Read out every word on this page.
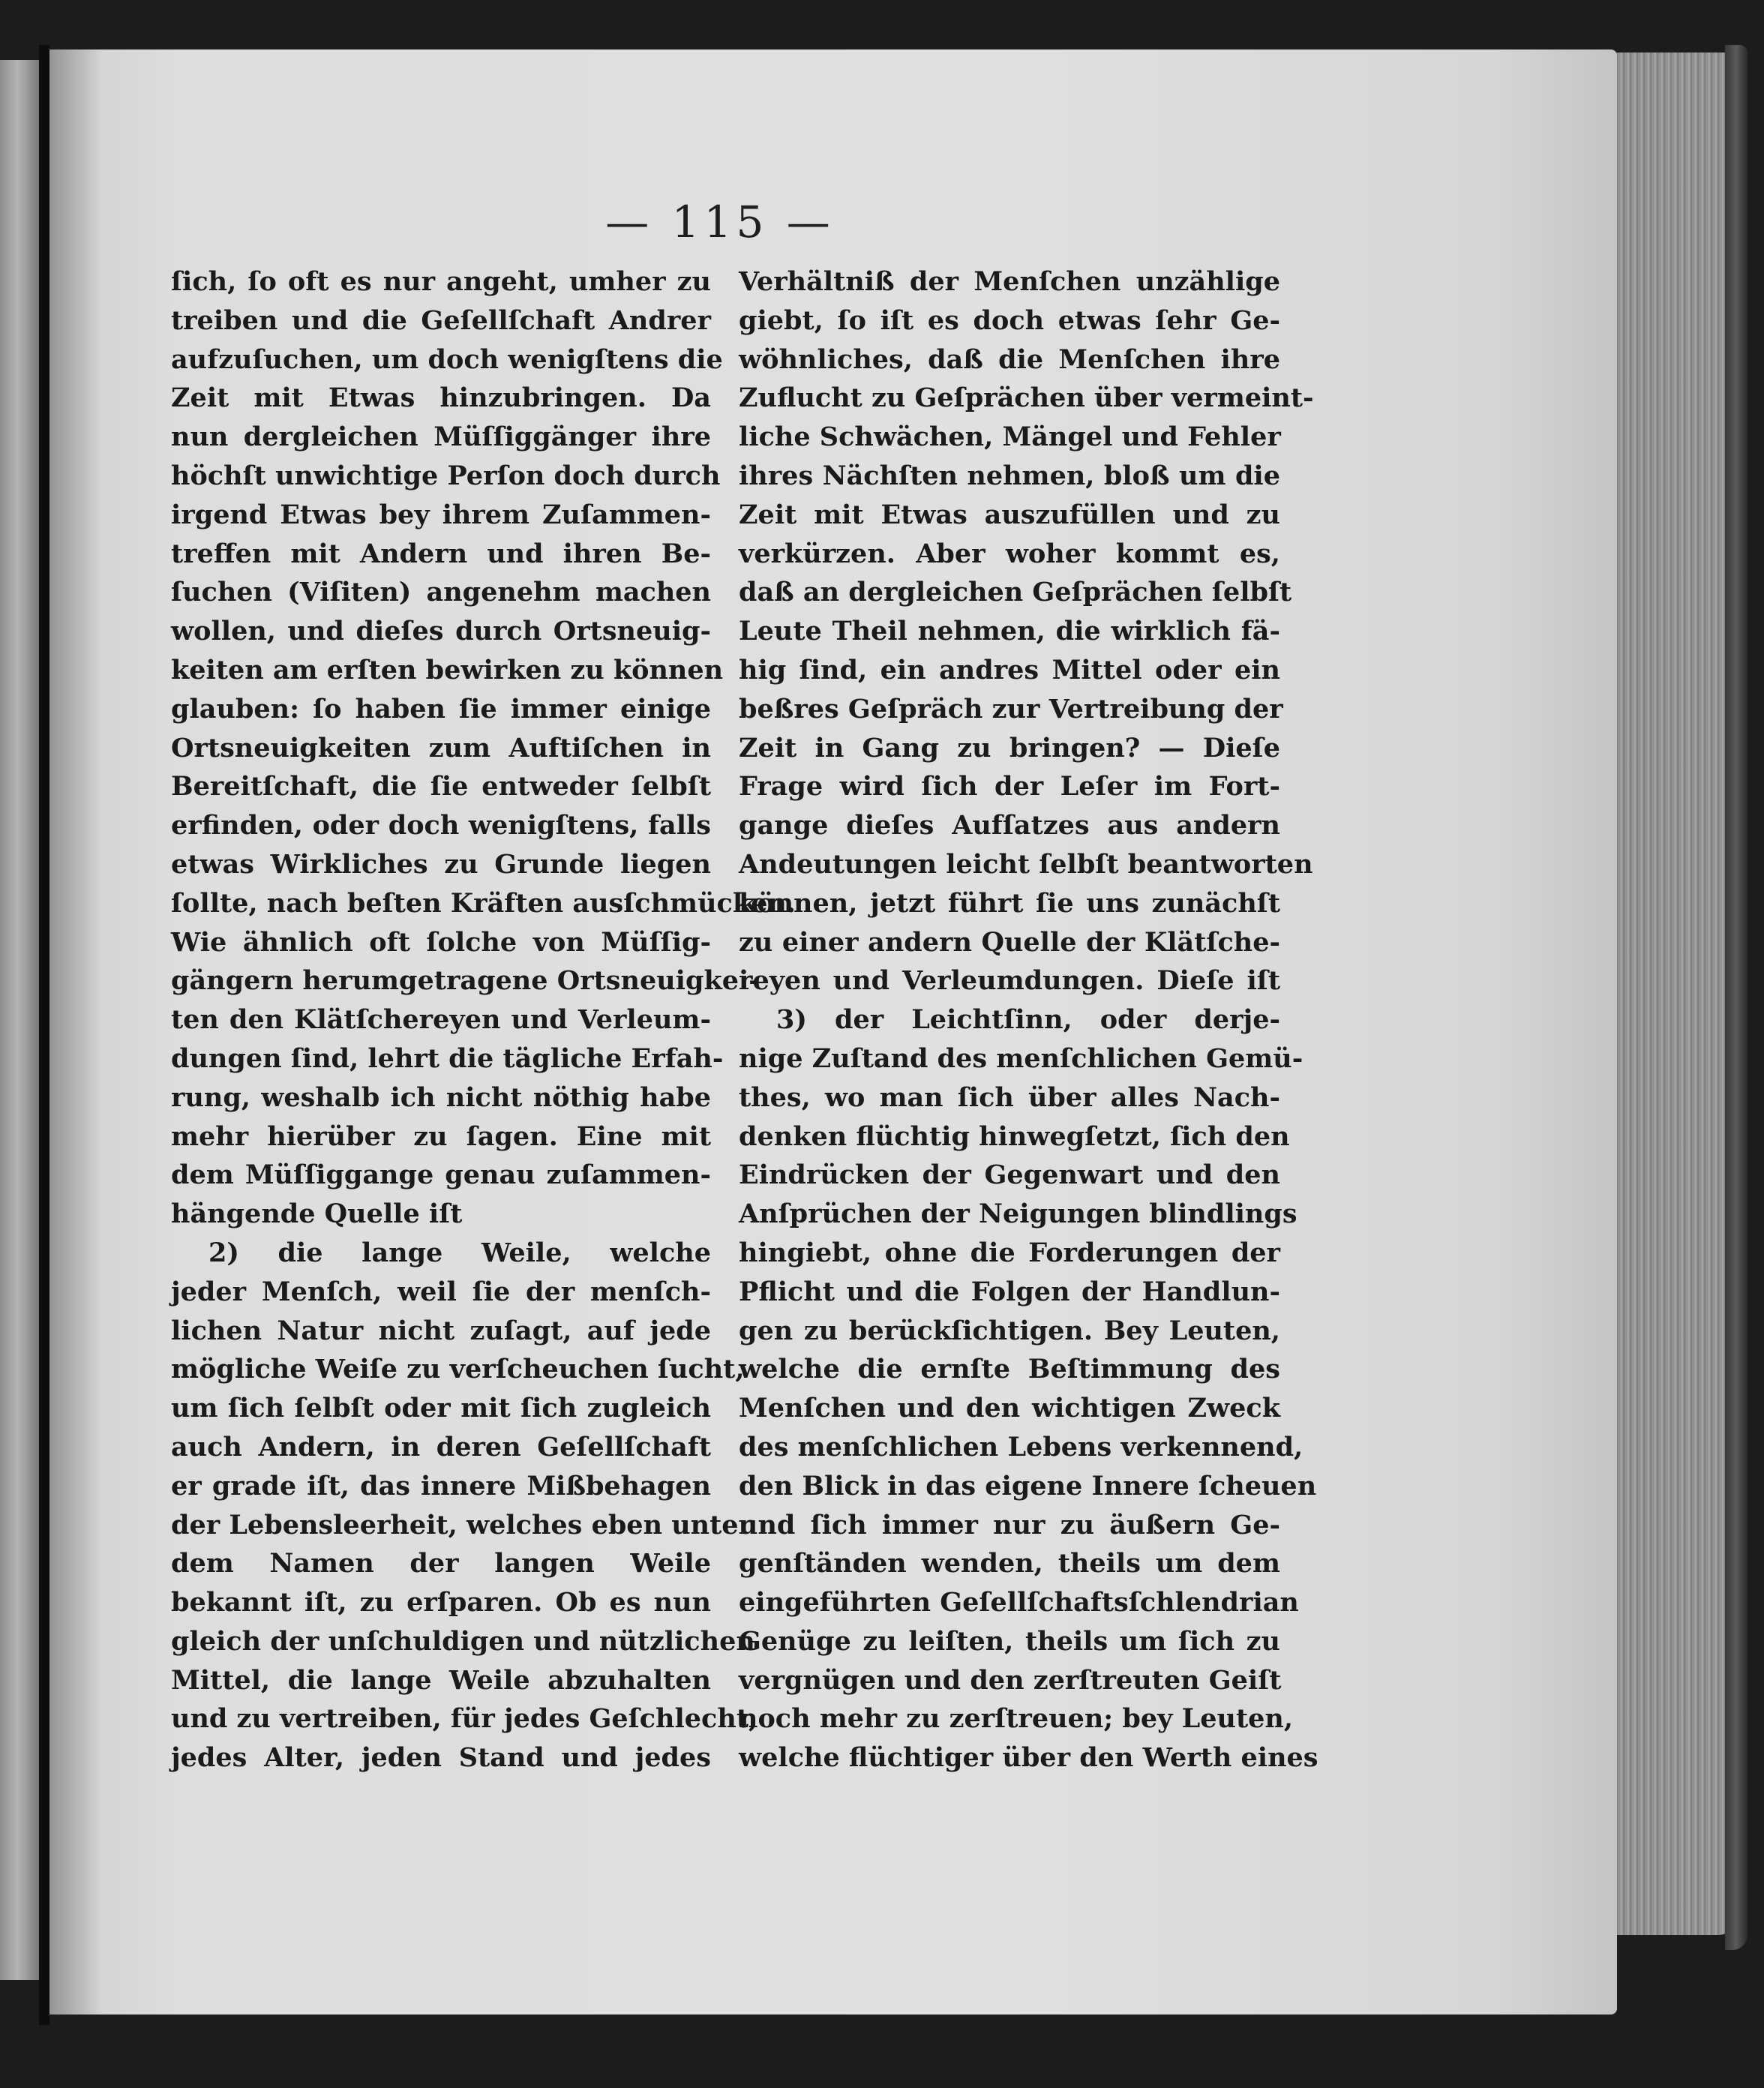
— 115 —
ſich, ſo oft es nur angeht, umher zu
treiben und die Geſellſchaft Andrer
aufzuſuchen, um doch wenigſtens die
Zeit mit Etwas hinzubringen. Da
nun dergleichen Müſſiggänger ihre
höchſt unwichtige Perſon doch durch
irgend Etwas bey ihrem Zuſammen-
treffen mit Andern und ihren Be-
ſuchen (Viſiten) angenehm machen
wollen, und dieſes durch Ortsneuig-
keiten am erſten bewirken zu können
glauben: ſo haben ſie immer einige
Ortsneuigkeiten zum Auftiſchen in
Bereitſchaft, die ſie entweder ſelbſt
erfinden, oder doch wenigſtens, falls
etwas Wirkliches zu Grunde liegen
ſollte, nach beſten Kräften ausſchmücken.
Wie ähnlich oft ſolche von Müſſig-
gängern herumgetragene Ortsneuigkei-
ten den Klätſchereyen und Verleum-
dungen ſind, lehrt die tägliche Erfah-
rung, weshalb ich nicht nöthig habe
mehr hierüber zu ſagen. Eine mit
dem Müſſiggange genau zuſammen-
hängende Quelle iſt
2) die lange Weile, welche
jeder Menſch, weil ſie der menſch-
lichen Natur nicht zuſagt, auf jede
mögliche Weiſe zu verſcheuchen ſucht,
um ſich ſelbſt oder mit ſich zugleich
auch Andern, in deren Geſellſchaft
er grade iſt, das innere Mißbehagen
der Lebensleerheit, welches eben unter
dem Namen der langen Weile
bekannt iſt, zu erſparen. Ob es nun
gleich der unſchuldigen und nützlichen
Mittel, die lange Weile abzuhalten
und zu vertreiben, für jedes Geſchlecht,
jedes Alter, jeden Stand und jedes
Verhältniß der Menſchen unzählige
giebt, ſo iſt es doch etwas ſehr Ge-
wöhnliches, daß die Menſchen ihre
Zuflucht zu Geſprächen über vermeint-
liche Schwächen, Mängel und Fehler
ihres Nächſten nehmen, bloß um die
Zeit mit Etwas auszufüllen und zu
verkürzen. Aber woher kommt es,
daß an dergleichen Geſprächen ſelbſt
Leute Theil nehmen, die wirklich fä-
hig ſind, ein andres Mittel oder ein
beßres Geſpräch zur Vertreibung der
Zeit in Gang zu bringen? — Dieſe
Frage wird ſich der Leſer im Fort-
gange dieſes Aufſatzes aus andern
Andeutungen leicht ſelbſt beantworten
können, jetzt führt ſie uns zunächſt
zu einer andern Quelle der Klätſche-
reyen und Verleumdungen. Dieſe iſt
3) der Leichtſinn, oder derje-
nige Zuſtand des menſchlichen Gemü-
thes, wo man ſich über alles Nach-
denken flüchtig hinwegſetzt, ſich den
Eindrücken der Gegenwart und den
Anſprüchen der Neigungen blindlings
hingiebt, ohne die Forderungen der
Pflicht und die Folgen der Handlun-
gen zu berückſichtigen. Bey Leuten,
welche die ernſte Beſtimmung des
Menſchen und den wichtigen Zweck
des menſchlichen Lebens verkennend,
den Blick in das eigene Innere ſcheuen
und ſich immer nur zu äußern Ge-
genſtänden wenden, theils um dem
eingeführten Geſellſchaftsſchlendrian
Genüge zu leiſten, theils um ſich zu
vergnügen und den zerſtreuten Geiſt
noch mehr zu zerſtreuen; bey Leuten,
welche flüchtiger über den Werth eines
